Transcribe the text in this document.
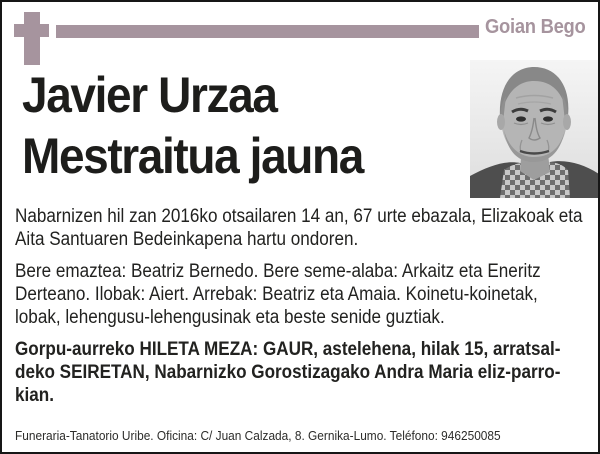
Goian Bego
Javier Urzaa
Mestraitua jauna
Nabarnizen hil zan 2016ko otsailaren 14 an, 67 urte ebazala, Elizakoak eta
Aita Santuaren Bedeinkapena hartu ondoren.
Bere emaztea: Beatriz Bernedo. Bere seme-alaba: Arkaitz eta Eneritz
Derteano. Ilobak: Aiert. Arrebak: Beatriz eta Amaia. Koinetu-koinetak,
lobak, lehengusu-lehengusinak eta beste senide guztiak.
Gorpu-aurreko HILETA MEZA: GAUR, astelehena, hilak 15, arratsal-
deko SEIRETAN, Nabarnizko Gorostizagako Andra Maria eliz-parro-
kian.
Funeraria-Tanatorio Uribe. Oficina: C/ Juan Calzada, 8. Gernika-Lumo. Teléfono: 946250085
